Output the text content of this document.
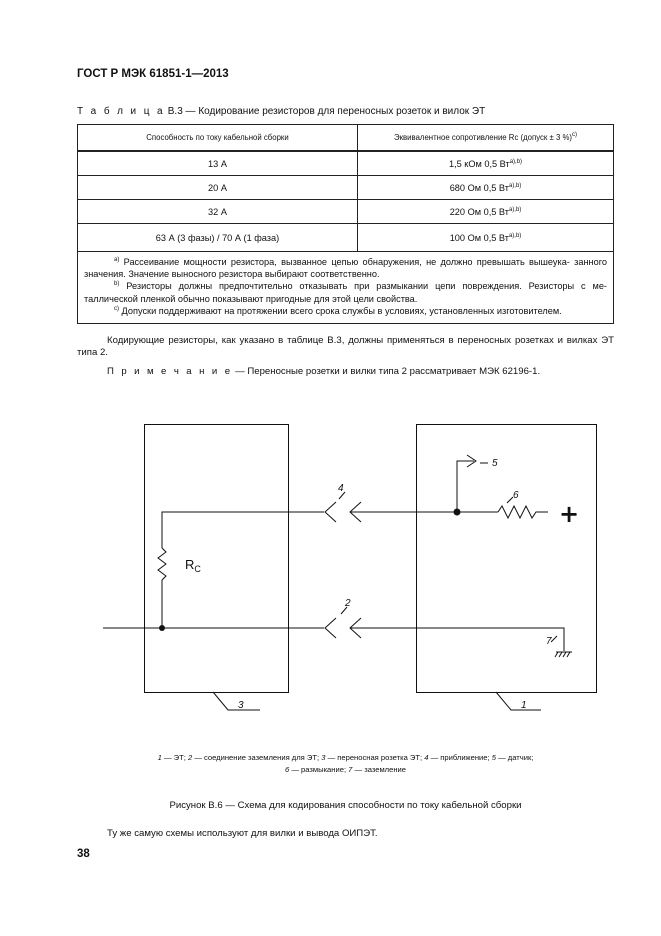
ГОСТ Р МЭК 61851-1—2013
Т а б л и ц а В.3 — Кодирование резисторов для переносных розеток и вилок ЭТ
Способность по току кабельной сборки	Эквивалентное сопротивление Rc (допуск ± 3 %)$^{c)}$
13 А	1,5 кОм 0,5 $Вт^{a),b)}$
20 А	680 Ом 0,5 $Вт^{a),b)}$
32 А	220 Ом 0,5 $Вт^{a),b)}$
63 А (3 фазы) / 70 А (1 фаза)	100 Ом 0,5 $Вт^{a),b)}$

$^{a)}$ Рассеивание мощности резистора, вызванное цепью обнаружения, не должно превышать вышеука- занного значения. Значение выносного резистора выбирают соответственно.
$^{b)}$ Резисторы должны предпочтительно отказывать при размыкании цепи повреждения. Резисторы с ме- таллической пленкой обычно показывают пригодные для этой цели свойства.
$^{c)}$ Допуски поддерживают на протяжении всего срока службы в условиях, установленных изготовителем.	
Кодирующие резисторы, как указано в таблице В.3, должны применяться в переносных розетках и вилках ЭТ типа 2.
П р и м е ч а н и е — Переносные розетки и вилки типа 2 рассматривает МЭК 62196-1.
+
$R_C$
4
2
5
6
7
3	1
1 — ЭТ; 2 — соединение заземления для ЭТ; 3 — переносная розетка ЭТ; 4 — приближение; 5 — датчик;
6 — размыкание; 7 — заземление
Рисунок В.6 — Схема для кодирования способности по току кабельной сборки
Ту же самую схемы используют для вилки и вывода ОИПЭТ.
38
